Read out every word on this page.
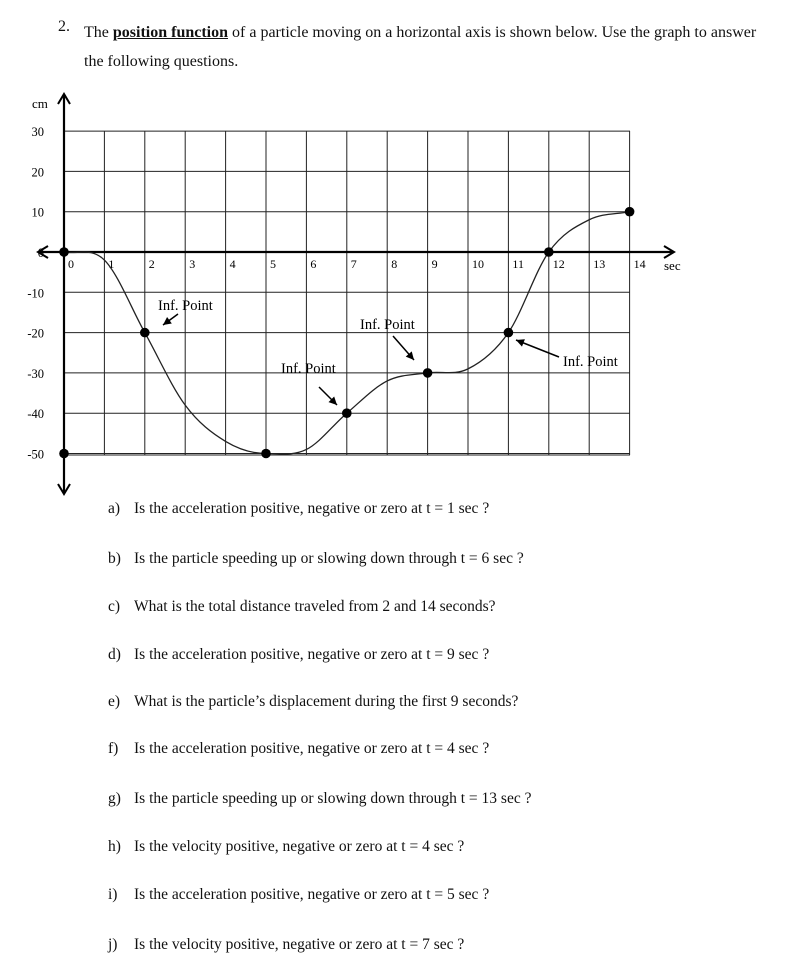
2. The position function of a particle moving on a horizontal axis is shown below. Use the graph to answer the following questions.
cm
sec
30
20
10
0
-10
-20
-30
-40
-50
0	1	2	3	4	5	6	7	8	9	10 11 12 13 14
Inf. Point
Inf. Point
Inf. Point
Inf. Point
a) Is the acceleration positive, negative or zero at t = 1 sec ?
b) Is the particle speeding up or slowing down through t = 6 sec ?
c) What is the total distance traveled from 2 and 14 seconds?
d) Is the acceleration positive, negative or zero at t = 9 sec ?
e) What is the particle’s displacement during the first 9 seconds?
f) Is the acceleration positive, negative or zero at t = 4 sec ?
g) Is the particle speeding up or slowing down through t = 13 sec ?
h) Is the velocity positive, negative or zero at t = 4 sec ?
i) Is the acceleration positive, negative or zero at t = 5 sec ?
j) Is the velocity positive, negative or zero at t = 7 sec ?
